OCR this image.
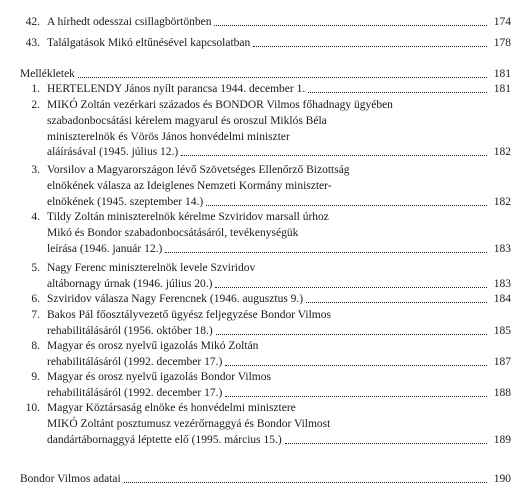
42. A hírhedt odesszai csillagbörtönben	174
43. Találgatások Mikó eltűnésével kapcsolatban	178
Mellékletek	181
1. HERTELENDY János nyílt parancsa 1944. december 1.	181
2. MIKÓ Zoltán vezérkari százados és BONDOR Vilmos főhadnagy ügyében
szabadonbocsátási kérelem magyarul és oroszul Miklós Béla
miniszterelnök és Vörös János honvédelmi miniszter
aláírásával (1945. július 12.)	182
3. Vorsilov a Magyarországon lévő Szövetséges Ellenőrző Bizottság
elnökének válasza az Ideiglenes Nemzeti Kormány miniszter-
elnökének (1945. szeptember 14.)	182
4. Tildy Zoltán miniszterelnök kérelme Szviridov marsall úrhoz
Mikó és Bondor szabadonbocsátásáról, tevékenységük
leírása (1946. január 12.)	183
5. Nagy Ferenc miniszterelnök levele Szviridov
altábornagy úrnak (1946. július 20.)	183
6. Szviridov válasza Nagy Ferencnek (1946. augusztus 9.)	184
7. Bakos Pál főosztályvezető ügyész feljegyzése Bondor Vilmos
rehabilitálásáról (1956. október 18.)	185
8. Magyar és orosz nyelvű igazolás Mikó Zoltán
rehabilitálásáról (1992. december 17.)	187
9. Magyar és orosz nyelvű igazolás Bondor Vilmos
rehabilitálásáról (1992. december 17.)	188
10. Magyar Köztársaság elnöke és honvédelmi minisztere
MIKÓ Zoltánt posztumusz vezérőrnaggyá és Bondor Vilmost
dandártábornaggyá léptette elő (1995. március 15.)	189
Bondor Vilmos adatai	190
